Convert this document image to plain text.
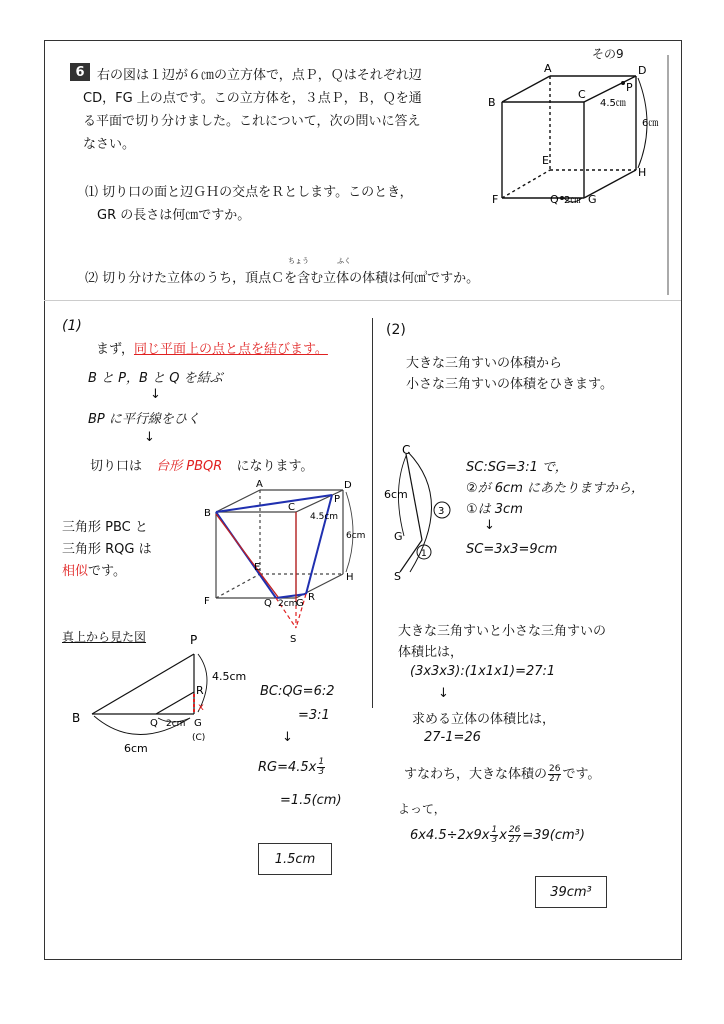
その9
6 右の図は１辺が６㎝の立方体で，点Ｐ，Ｑはそれぞれ辺
CD，FG 上の点です。この立方体を，３点Ｐ，Ｂ，Ｑを通
る平面で切り分けました。これについて，次の問いに答え
なさい。
⑴ 切り口の面と辺ＧＨの交点をＲとします。このとき，
GR の長さは何㎝ですか。
ちょう	ふく
⑵ 切り分けた立体のうち，頂点Ｃを含む立体の体積は何㎤ですか。
A
B
C
D
E
F	G
H
P
Q
4.5㎝
6㎝
2㎝
(1)
まず，同じ平面上の点と点を結びます。
B と P，B と Q を結ぶ
↓
BP に平行線をひく
↓
切り口は 台形 PBQR になります。
三角形 PBC と
三角形 RQG は
相似です。
A
B
C
D
E
F	G
H
P
Q
R
S
4.5cm
6cm
2cm
真上から見た図	P
R
B	Q	G
(C)
x
4.5cm
2cm
6cm
BC:QG=6:2
=3:1
↓
$RG=4.5x \frac{1}{3}$
=1.5(cm)
1.5cm
(2)
大きな三角すいの体積から
小さな三角すいの体積をひきます。
C
G
S
6cm
3
1
SC:SG=3:1 で，
②が 6cm にあたりますから，
①は 3cm
↓
SC=3x3=9cm
大きな三角すいと小さな三角すいの
体積比は，
(3x3x3):(1x1x1)=27:1
↓
求める立体の体積比は，
27-1=26
すなわち，大きな体積の $\frac{26}{27}$ です。
よって，
$6x4.5\div 2x9x \frac{1}{3}$ x $\frac{26}{27} =39(cm^3)$
39cm³
